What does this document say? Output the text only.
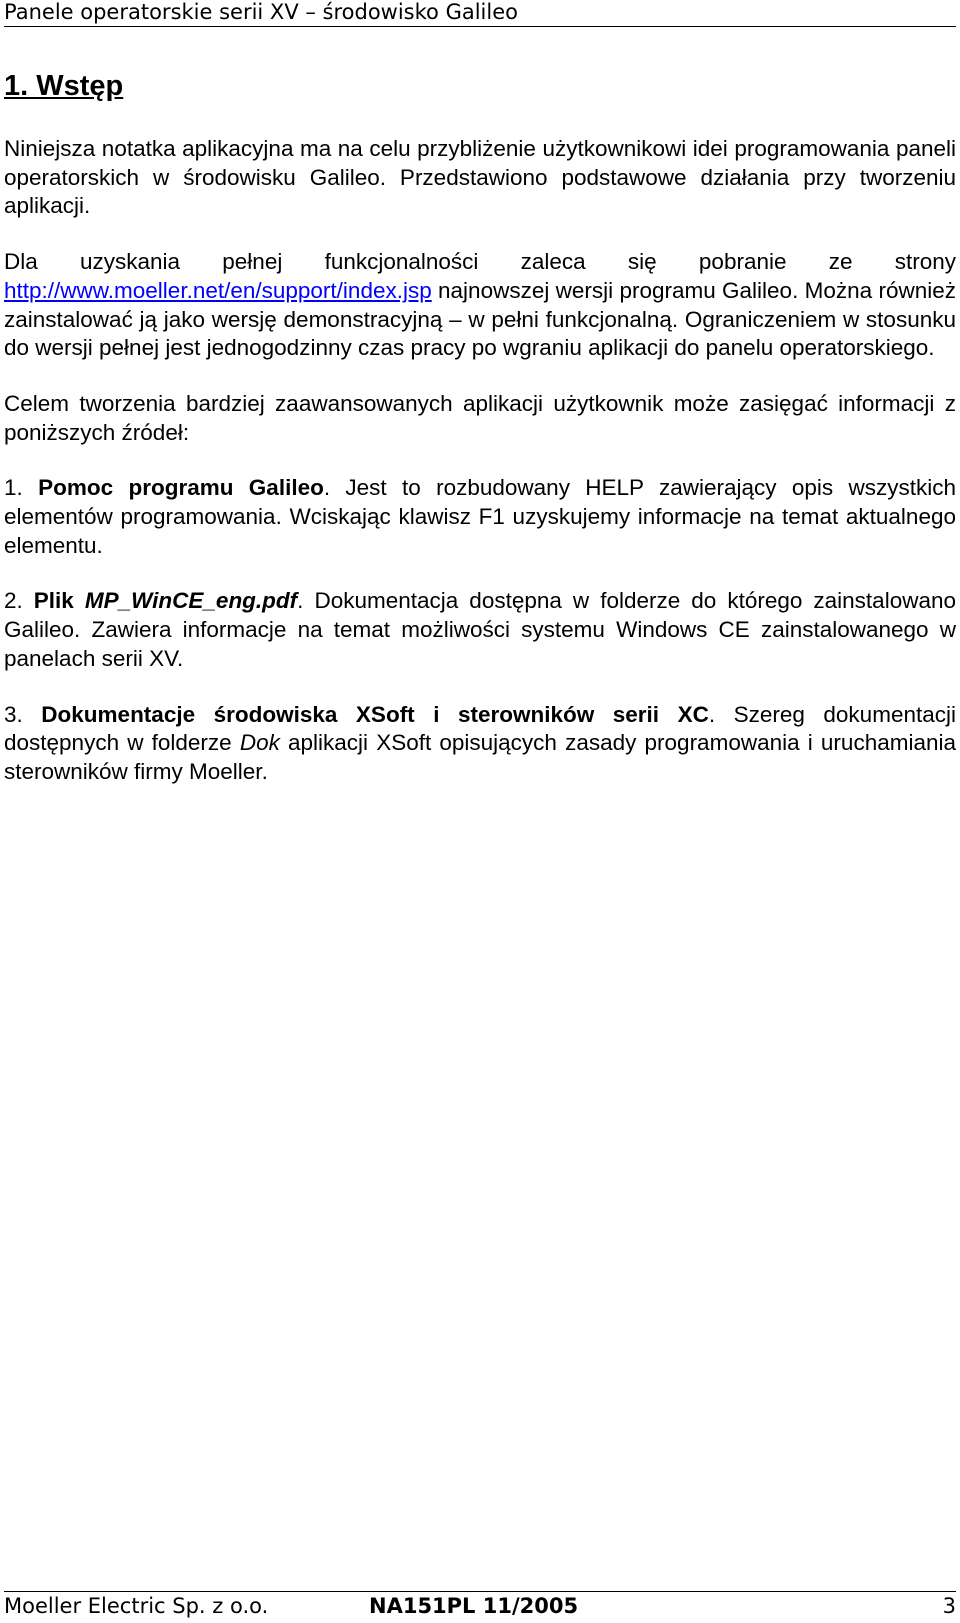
Panele operatorskie serii XV – środowisko Galileo
1. Wstęp

Niniejsza notatka aplikacyjna ma na celu przybliżenie użytkownikowi idei programowania paneli operatorskich w środowisku Galileo. Przedstawiono podstawowe działania przy tworzeniu aplikacji.

Dla uzyskania pełnej funkcjonalności zaleca się pobranie ze strony http://www.moeller.net/en/support/index.jsp najnowszej wersji programu Galileo. Można również zainstalować ją jako wersję demonstracyjną – w pełni funkcjonalną. Ograniczeniem w stosunku do wersji pełnej jest jednogodzinny czas pracy po wgraniu aplikacji do panelu operatorskiego.

Celem tworzenia bardziej zaawansowanych aplikacji użytkownik może zasięgać informacji z poniższych źródeł:

1. Pomoc programu Galileo. Jest to rozbudowany HELP zawierający opis wszystkich elementów programowania. Wciskając klawisz F1 uzyskujemy informacje na temat aktualnego elementu.

2. Plik MP_WinCE_eng.pdf. Dokumentacja dostępna w folderze do którego zainstalowano Galileo. Zawiera informacje na temat możliwości systemu Windows CE zainstalowanego w panelach serii XV.

3. Dokumentacje środowiska XSoft i sterowników serii XC. Szereg dokumentacji dostępnych w folderze Dok aplikacji XSoft opisujących zasady programowania i uruchamiania sterowników firmy Moeller.

Moeller Electric Sp. z o.o.	NA151PL 11/2005	3
